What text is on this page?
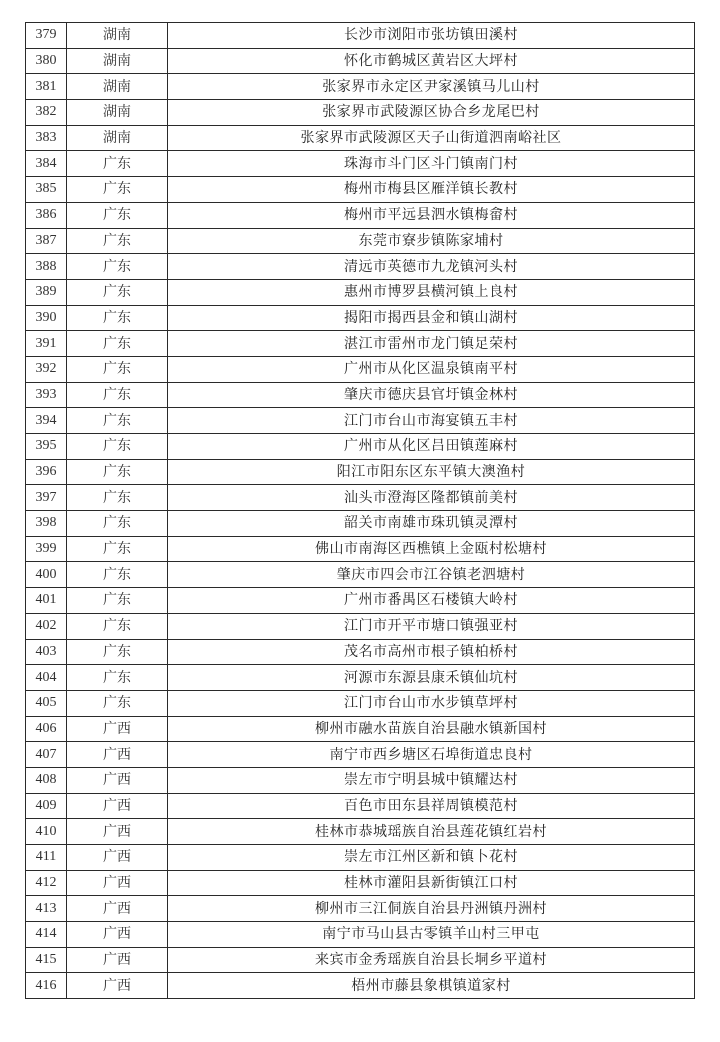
379	湖南	长沙市浏阳市张坊镇田溪村
380	湖南	怀化市鹤城区黄岩区大坪村
381	湖南	张家界市永定区尹家溪镇马儿山村
382	湖南	张家界市武陵源区协合乡龙尾巴村
383	湖南	张家界市武陵源区天子山街道泗南峪社区
384	广东	珠海市斗门区斗门镇南门村
385	广东	梅州市梅县区雁洋镇长教村
386	广东	梅州市平远县泗水镇梅畲村
387	广东	东莞市寮步镇陈家埔村
388	广东	清远市英德市九龙镇河头村
389	广东	惠州市博罗县横河镇上良村
390	广东	揭阳市揭西县金和镇山湖村
391	广东	湛江市雷州市龙门镇足荣村
392	广东	广州市从化区温泉镇南平村
393	广东	肇庆市德庆县官圩镇金林村
394	广东	江门市台山市海宴镇五丰村
395	广东	广州市从化区吕田镇莲麻村
396	广东	阳江市阳东区东平镇大澳渔村
397	广东	汕头市澄海区隆都镇前美村
398	广东	韶关市南雄市珠玑镇灵潭村
399	广东	佛山市南海区西樵镇上金瓯村松塘村
400	广东	肇庆市四会市江谷镇老泗塘村
401	广东	广州市番禺区石楼镇大岭村
402	广东	江门市开平市塘口镇强亚村
403	广东	茂名市高州市根子镇柏桥村
404	广东	河源市东源县康禾镇仙坑村
405	广东	江门市台山市水步镇草坪村
406	广西	柳州市融水苗族自治县融水镇新国村
407	广西	南宁市西乡塘区石埠街道忠良村
408	广西	崇左市宁明县城中镇耀达村
409	广西	百色市田东县祥周镇模范村
410	广西	桂林市恭城瑶族自治县莲花镇红岩村
411	广西	崇左市江州区新和镇卜花村
412	广西	桂林市灌阳县新街镇江口村
413	广西	柳州市三江侗族自治县丹洲镇丹洲村
414	广西	南宁市马山县古零镇羊山村三甲屯
415	广西	来宾市金秀瑶族自治县长垌乡平道村
416	广西	梧州市藤县象棋镇道家村
